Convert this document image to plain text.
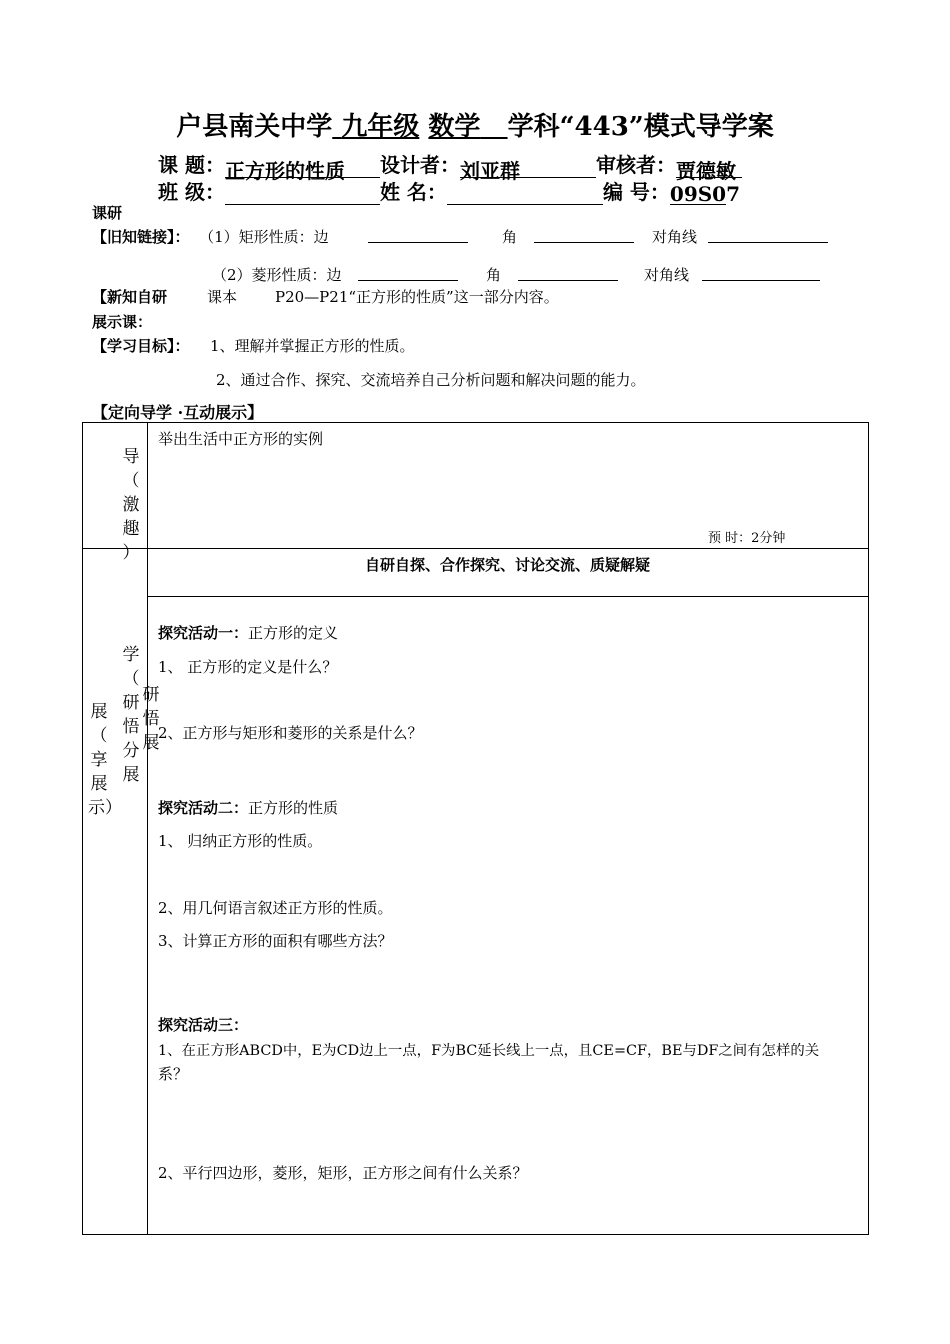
户县南关中学 九年级 数学 学科“443”模式导学案
课 题：正方形的性质 设计者：刘亚群	审核者：贾德敏
班 级：	姓 名：	编 号：09S07
课研
【旧知链接】： （1）矩形性质：边	角	对角线
（2）菱形性质：边	角	对角线
【新知自研	课本	P20—P21“正方形的性质”这一部分内容。
展示课：
【学习目标】： 1、理解并掌握正方形的性质。
2、通过合作、探究、交流培养自己分析问题和解决问题的能力。
【定向导学 ·互动展示】
导
（
激
趣
）
举出生活中正方形的实例
预 时：2分钟
展
（
享
展
示）
学
（
研
悟
分
展
研
悟
展
自研自探、合作探究、讨论交流、质疑解疑
探究活动一：正方形的定义
1、 正方形的定义是什么？
2、正方形与矩形和菱形的关系是什么？
探究活动二：正方形的性质
1、 归纳正方形的性质。
2、用几何语言叙述正方形的性质。
3、计算正方形的面积有哪些方法？
探究活动三：
1、在正方形ABCD中，E为CD边上一点，F为BC延长线上一点，且CE=CF，BE与DF之间有怎样的关
系？
2、平行四边形，菱形，矩形，正方形之间有什么关系？
